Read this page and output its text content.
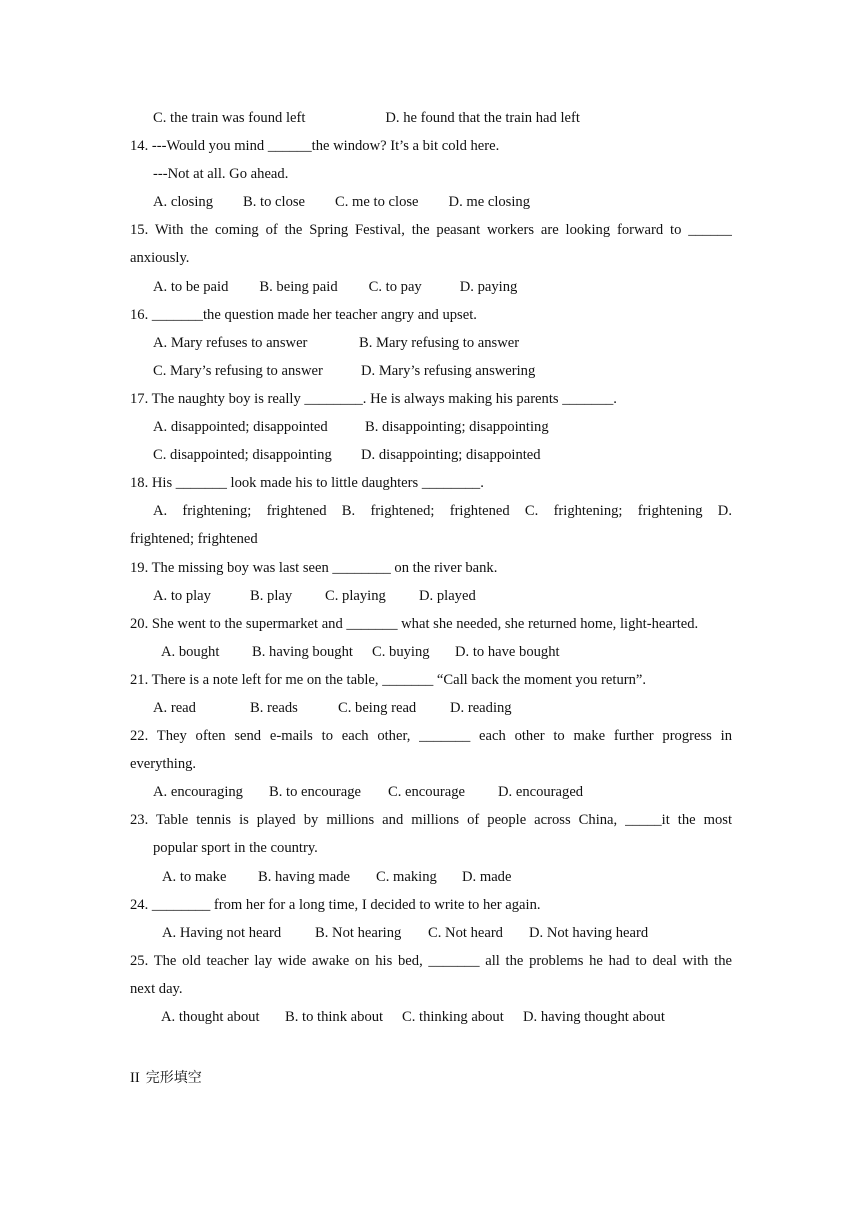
C. the train was found left	D. he found that the train had left
14. ---Would you mind ______the window? It’s a bit cold here.
---Not at all. Go ahead.
A. closing B. to close C. me to close D. me closing
15. With the coming of the Spring Festival, the peasant workers are looking forward to ______
anxiously.
A. to be paid B. being paid C. to pay	D. paying
16. _______the question made her teacher angry and upset.
A. Mary refuses to answer	B. Mary refusing to answer
C. Mary’s refusing to answer	D. Mary’s refusing answering
17. The naughty boy is really ________. He is always making his parents _______.
A. disappointed; disappointed	B. disappointing; disappointing
C. disappointed; disappointing D. disappointing; disappointed
18. His _______ look made his to little daughters ________.
A. frightening; frightened B. frightened; frightened C. frightening; frightening D.
frightened; frightened
19. The missing boy was last seen ________ on the river bank.
A. to play	B. play C. playing D. played
20. She went to the supermarket and _______ what she needed, she returned home, light-hearted.
A. bought B. having bought C. buying D. to have bought
21. There is a note left for me on the table, _______ “Call back the moment you return”.
A. read	B. reads	C. being read D. reading
22. They often send e-mails to each other, _______ each other to make further progress in
everything.
A. encouraging B. to encourage C. encourage D. encouraged
23. Table tennis is played by millions and millions of people across China, _____it the most
popular sport in the country.
A. to make B. having made C. making D. made
24. ________ from her for a long time, I decided to write to her again.
A. Having not heard B. Not hearing C. Not heard D. Not having heard
25. The old teacher lay wide awake on his bed, _______ all the problems he had to deal with the
next day.
A. thought about B. to think about C. thinking about D. having thought about
II 完形填空
